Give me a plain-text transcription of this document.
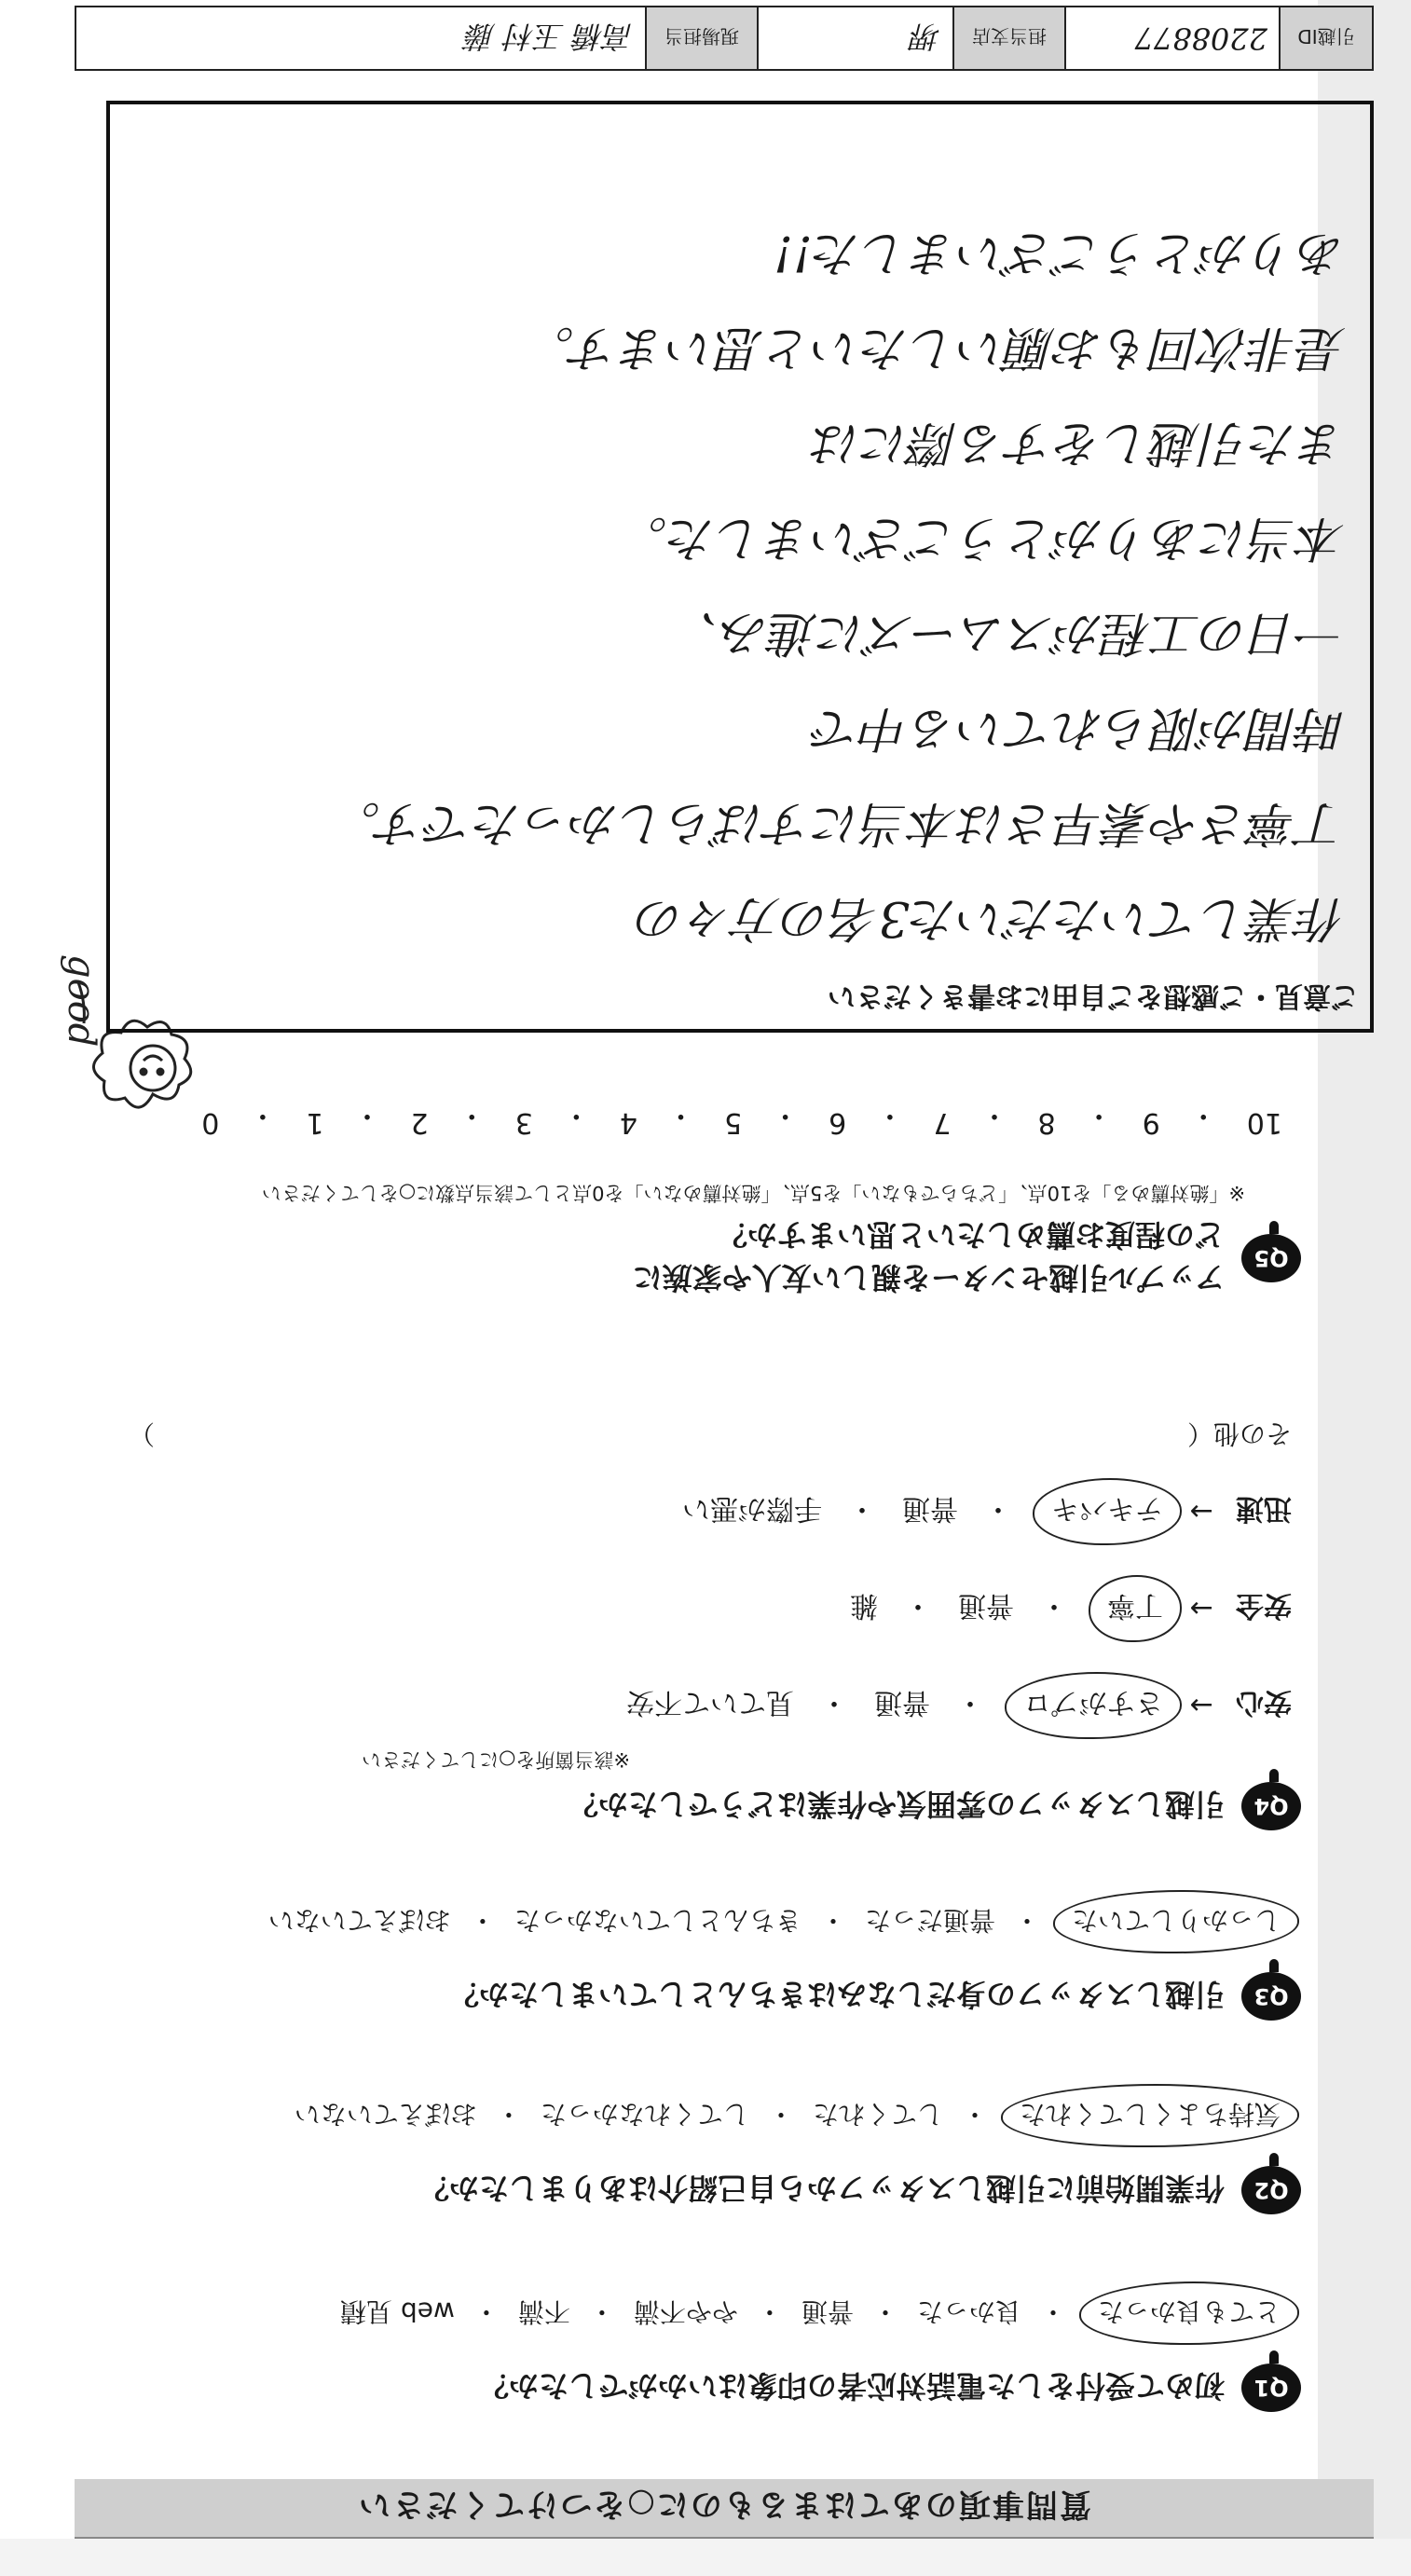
質問事項のあてはまるものに○をつけてください
Q1
初めて受付をした電話対応者の印象はいかがでしたか？
とても良かった
・
良かった
・
普通
・
やや不満
・
不満
・
web 見積
Q2
作業開始前に引越しスタッフから自己紹介はありましたか？
気持ちよくしてくれた
・
してくれた
・
してくれなかった
・
おぼえていない
Q3
引越しスタッフの身だしなみはきちんとしていましたか？
しっかりしていた
・
普通だった
・
きちんとしていなかった
・
おぼえていない
Q4
引越しスタッフの雰囲気や作業はどうでしたか？
※該当箇所を○にしてください
安心
→
さすがプロ
・
普通
・
見ていて不安
安全
→
丁寧
・
普通
・
雑
迅速
→
テキパキ
・
普通
・
手際が悪い
その他（
）
Q5
アップル引越センターを親しい友人や家族に
どの程度お薦めしたいと思いますか？
※「絶対薦める」を10点、「どちらでもない」を5点、「絶対薦めない」を0点として該当点数に○をしてください
10
・
9
・
8
・
7
・
6
・
5
・
4
・
3
・
2
・
1
・
0
good	ご意見・ご感想をご自由にお書きください
作業していただいた3名の方々の
丁寧さや素早さは本当にすばらしかったです。
時間が限られている中で
一日の工程がスムーズに進み、
本当にありがとうございました。
また引越しをする際には
是非次回もお願いしたいと思います。
ありがとうございました!!
引越ID
2208877
担当支店
堺
現場担当
高橋 玉村 藤
